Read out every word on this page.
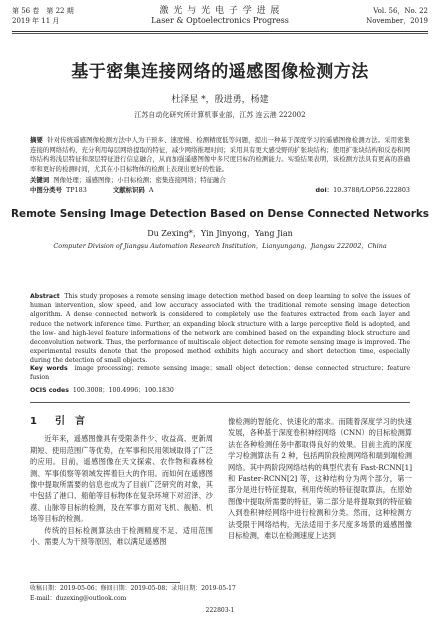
第 56 卷　第 22 期
2019 年 11 月
激 光 与 光 电 子 学 进 展
Laser & Optoelectronics Progress
Vol. 56，No. 22
November，2019
基于密集连接网络的遥感图像检测方法
杜泽星 *，殷进勇，杨建
江苏自动化研究所计算机事业部，江苏 连云港 222002
摘要 针对传统遥感图像检测方法中人为干预多、速度慢、检测精度低等问题，提出一种基于深度学习的遥感图像检测方法。采用密集连接的网络结构，充分利用每层网络提取的特征，减少网络推理时间；采用具有更大感受野的扩张块结构；使用扩张块结构和反卷积网络结构将浅层特征和深层特征进行信息融合，从而加强遥感图像中多尺度目标的检测能力。实验结果表明，该检测方法具有更高的准确率和更好的检测时间，尤其在小目标物体的检测上表现出更好的性能。
关键词 图像处理；遥感图像；小目标检测；密集连接网络；特征融合
中图分类号 TP183	文献标识码 A	doi：10.3788/LOP56.222803
Remote Sensing Image Detection Based on Dense Connected Networks
Du Zexing*，Yin Jinyong，Yang Jian
Computer Division of Jiangsu Automation Research Institution，Lianyungang，Jiangsu 222002，China
Abstract This study proposes a remote sensing image detection method based on deep learning to solve the issues of human intervention, slow speed, and low accuracy associated with the traditional remote sensing image detection algorithm. A dense connected network is considered to completely use the features extracted from each layer and reduce the network inference time. Further, an expanding block structure with a large perceptive field is adopted, and the low- and high-level feature informations of the network are combined based on the expanding block structure and deconvolution network. Thus, the performance of multiscale object detection for remote sensing image is improved. The experimental results denote that the proposed method exhibits high accuracy and short detection time, especially during the detection of small objects.
Key words image processing；remote sensing image；small object detection；dense connected structure；feature fusion
OCIS codes 100.3008；100.4996；100.1830
1 引　言

近年来，遥感图像具有受限条件少、收益高、更新周期短、使用范围广等优势，在军事和民用领域取得了广泛的应用。目前，遥感图像在天文探索、农作物和森林检测、军事侦察等领域发挥着巨大的作用。而如何在遥感图像中提取所需要的信息也成为了目前广泛研究的对象，其中包括了港口、船舶等目标物体在复杂环境下对沼泽、沙漠、山脉等目标的检测，及在军事方面对飞机、舰船、机场等目标的检测。

传统的目标检测算法由于检测精度不足、适用范围小、需要人为干预等原因，难以满足遥感图

像检测的智能化、快速化的需求。而随着深度学习的快速发展，各种基于深度卷积神经网络（CNN）的目标检测算法在各种检测任务中都取得良好的效果。目前主流的深度学习检测算法有 2 种，包括两阶段检测网络和端到端检测网络。其中两阶段网络结构的典型代表有 Fast-RCNN[1] 和 Faster-RCNN[2] 等，这种结构分为两个部分，第一部分是进行特征提取，利用传统的特征提取算法，在原始图像中提取所需要的特征，第二部分是将提取到的特征输入到卷积神经网络中进行检测和分类。然而，这种检测方法受限于网络结构，无法适用于多尺度多场景的遥感图像目标检测，难以在检测速度上达到

收稿日期：2019-05-06；修回日期：2019-05-08；录用日期：2019-05-17
E-mail：duzexing@outlook.com
222803-1
